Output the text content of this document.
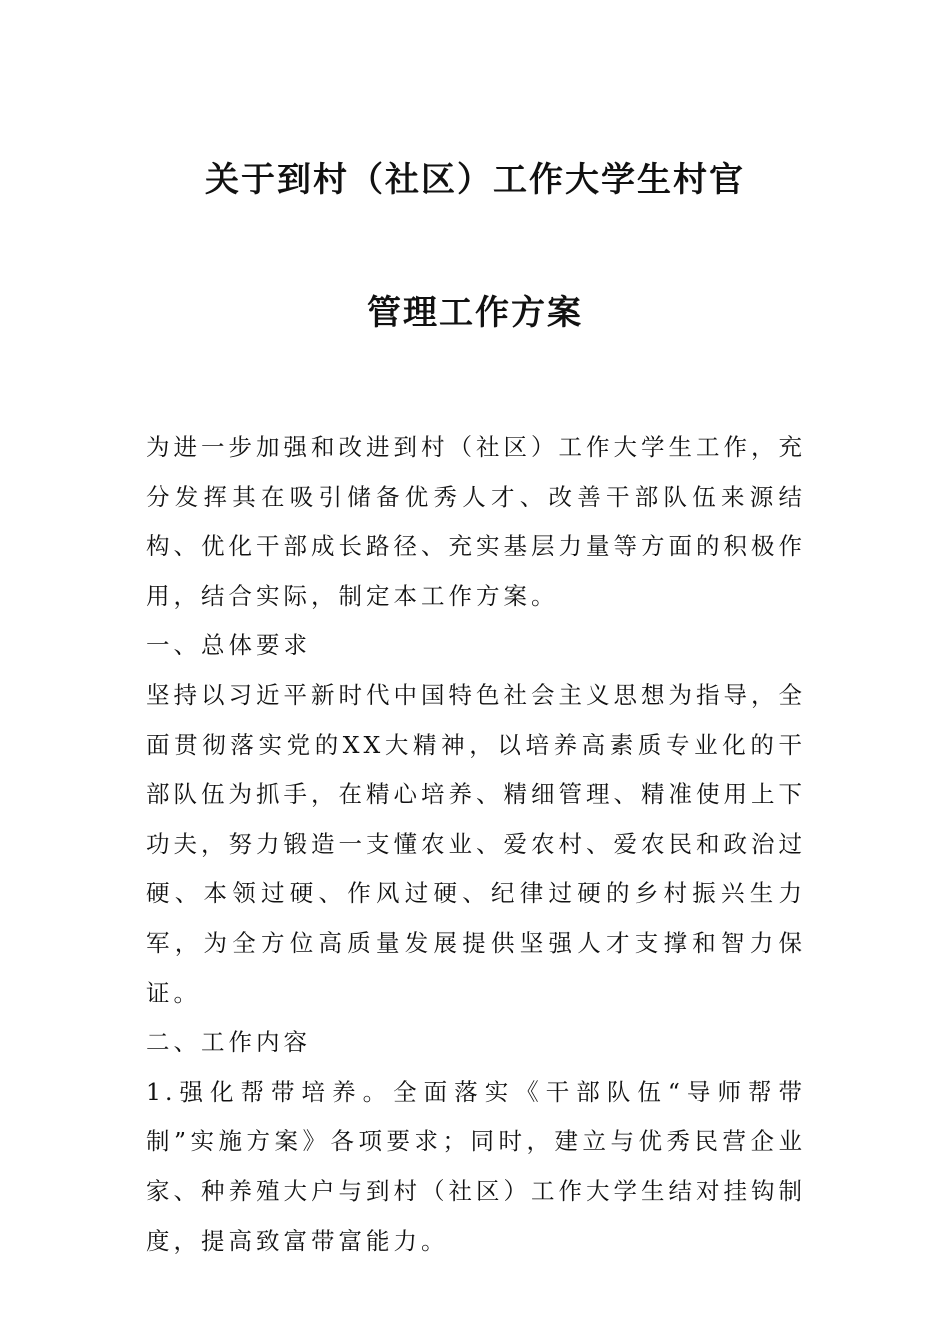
关于到村（社区）工作大学生村官
管理工作方案

为进一步加强和改进到村（社区）工作大学生工作，充分发挥其在吸引储备优秀人才、改善干部队伍来源结构、优化干部成长路径、充实基层力量等方面的积极作用，结合实际，制定本工作方案。

一、总体要求

坚持以习近平新时代中国特色社会主义思想为指导，全面贯彻落实党的XX大精神，以培养高素质专业化的干部队伍为抓手，在精心培养、精细管理、精准使用上下功夫，努力锻造一支懂农业、爱农村、爱农民和政治过硬、本领过硬、作风过硬、纪律过硬的乡村振兴生力军，为全方位高质量发展提供坚强人才支撑和智力保证。

二、工作内容

1.强化帮带培养。全面落实《干部队伍“导师帮带制”实施方案》各项要求；同时，建立与优秀民营企业家、种养殖大户与到村（社区）工作大学生结对挂钩制度，提高致富带富能力。
